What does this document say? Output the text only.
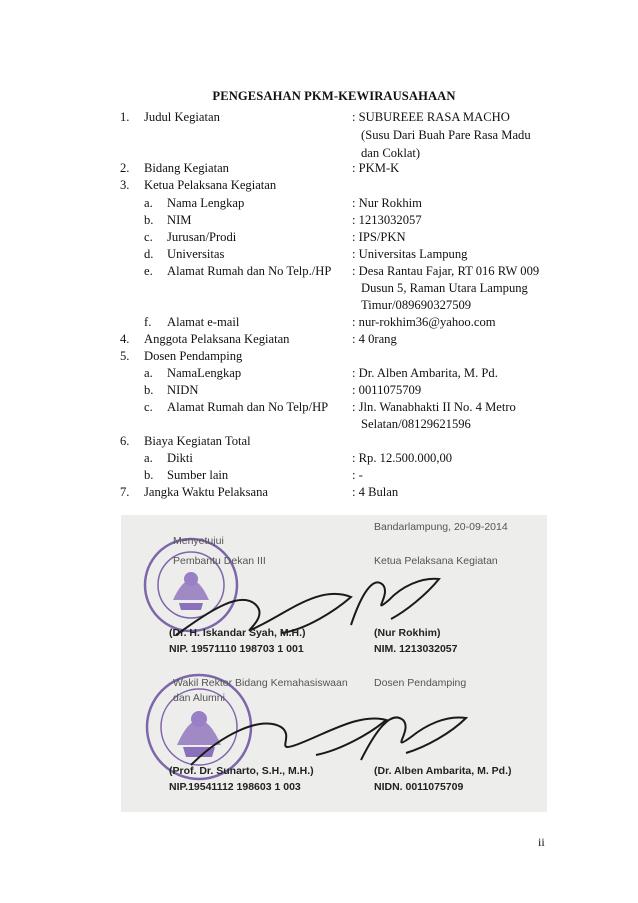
PENGESAHAN PKM-KEWIRAUSAHAAN
1. Judul Kegiatan	: SUBUREEE RASA MACHO
(Susu Dari Buah Pare Rasa Madu
dan Coklat)
2. Bidang Kegiatan	: PKM-K
3. Ketua Pelaksana Kegiatan
a. Nama Lengkap	: Nur Rokhim
b. NIM	: 1213032057
c. Jurusan/Prodi	: IPS/PKN
d. Universitas	: Universitas Lampung
e. Alamat Rumah dan No Telp./HP : Desa Rantau Fajar, RT 016 RW 009
Dusun 5, Raman Utara Lampung
Timur/089690327509
f. Alamat e-mail	: nur-rokhim36@yahoo.com
4. Anggota Pelaksana Kegiatan	: 4 0rang
5. Dosen Pendamping
a. NamaLengkap	: Dr. Alben Ambarita, M. Pd.
b. NIDN	: 0011075709
c. Alamat Rumah dan No Telp/HP : Jln. Wanabhakti II No. 4 Metro
Selatan/08129621596
6. Biaya Kegiatan Total
a. Dikti	: Rp. 12.500.000,00
b. Sumber lain	: -
7. Jangka Waktu Pelaksana	: 4 Bulan
Bandarlampung, 20-09-2014
Menyetujui
Pembantu Dekan III	Ketua Pelaksana Kegiatan
(Dr. H. Iskandar Syah, M.H.)
NIP. 19571110 198703 1 001
(Nur Rokhim)
NIM. 1213032057
Wakil Rektor Bidang Kemahasiswaan
dan Alumni
Dosen Pendamping
(Prof. Dr. Sunarto, S.H., M.H.)
NIP.19541112 198603 1 003
(Dr. Alben Ambarita, M. Pd.)
NIDN. 0011075709
ii
